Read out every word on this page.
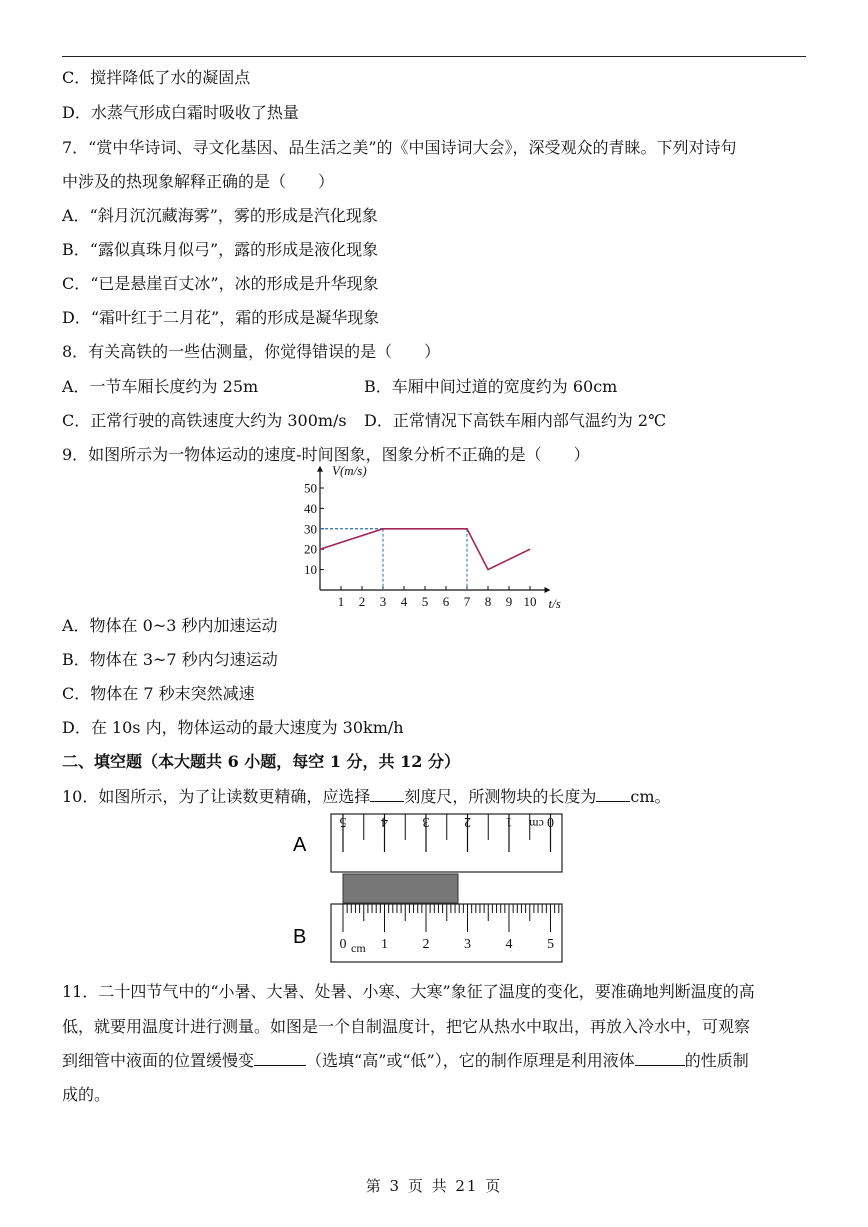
C．搅拌降低了水的凝固点
D．水蒸气形成白霜时吸收了热量
7．“赏中华诗词、寻文化基因、品生活之美”的《中国诗词大会》，深受观众的青睐。下列对诗句
中涉及的热现象解释正确的是（　　）
A．“斜月沉沉藏海雾”，雾的形成是汽化现象
B．“露似真珠月似弓”，露的形成是液化现象
C．“已是悬崖百丈冰”，冰的形成是升华现象
D．“霜叶红于二月花”，霜的形成是凝华现象
8．有关高铁的一些估测量，你觉得错误的是（　　）
A．一节车厢长度约为 25m	B．车厢中间过道的宽度约为 60cm
C．正常行驶的高铁速度大约为 300m/s D．正常情况下高铁车厢内部气温约为 2℃
9．如图所示为一物体运动的速度-时间图象，图象分析不正确的是（　　）
10
20
30
40
50
1 2 3 4 5 6 7 8 9 10
V(m/s)
t/s
A．物体在 0~3 秒内加速运动
B．物体在 3~7 秒内匀速运动
C．物体在 7 秒末突然减速
D．在 10s 内，物体运动的最大速度为 30km/h
二、填空题（本大题共 6 小题，每空 1 分，共 12 分）
10．如图所示，为了让读数更精确，应选择 刻度尺，所测物块的长度为 cm。
A
B
5 4 3 2 1 0
cm
0 1 2 3 4 5
cm
11．二十四节气中的“小暑、大暑、处暑、小寒、大寒”象征了温度的变化，要准确地判断温度的高
低，就要用温度计进行测量。如图是一个自制温度计，把它从热水中取出，再放入冷水中，可观察
到细管中液面的位置缓慢变	（选填“高”或“低”），它的制作原理是利用液体	的性质制
成的。
第 3 页 共 21 页
